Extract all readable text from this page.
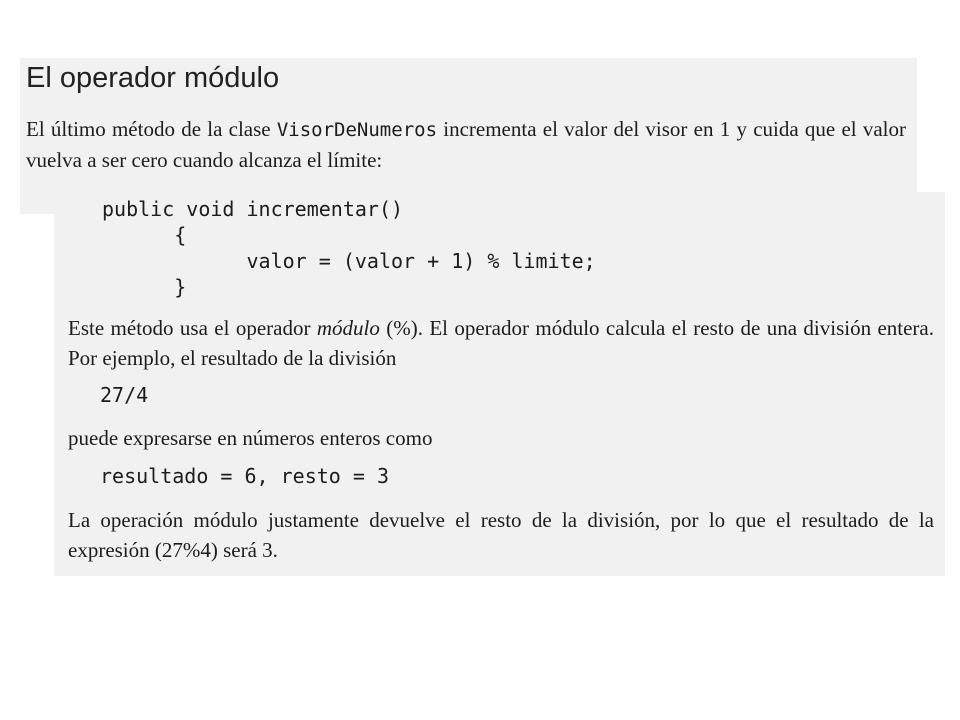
El operador módulo
El último método de la clase VisorDeNumeros incrementa el valor del visor en 1 y cuida que el valor vuelva a ser cero cuando alcanza el límite:
public void incrementar()
{
valor = (valor + 1) % limite;
}
Este método usa el operador módulo (%). El operador módulo calcula el resto de una división entera. Por ejemplo, el resultado de la división
27/4
puede expresarse en números enteros como
resultado = 6, resto = 3
La operación módulo justamente devuelve el resto de la división, por lo que el resultado de la expresión (27%4) será 3.
